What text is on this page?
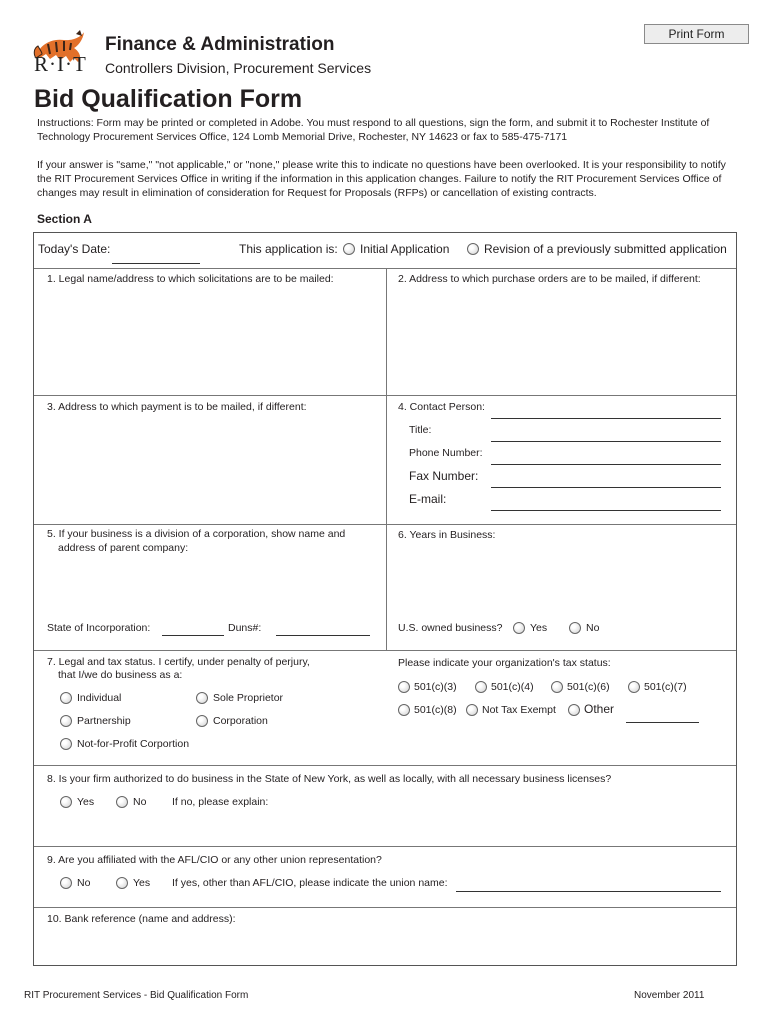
Print Form
R·I·T
Finance & Administration
Controllers Division, Procurement Services
Bid Qualification Form
Instructions: Form may be printed or completed in Adobe. You must respond to all questions, sign the form, and submit it to Rochester Institute of Technology Procurement Services Office, 124 Lomb Memorial Drive, Rochester, NY 14623 or fax to 585-475-7171
If your answer is "same," "not applicable," or "none," please write this to indicate no questions have been overlooked. It is your responsibility to notify the RIT Procurement Services Office in writing if the information in this application changes. Failure to notify the RIT Procurement Services Office of changes may result in elimination of consideration for Request for Proposals (RFPs) or cancellation of existing contracts.
Section A
Today's Date:	This application is: Initial Application	Revision of a previously submitted application
1. Legal name/address to which solicitations are to be mailed:	2. Address to which purchase orders are to be mailed, if different:
3. Address to which payment is to be mailed, if different:	4. Contact Person:
Title:
Phone Number:
Fax Number:
E-mail:
5. If your business is a division of a corporation, show name and
address of parent company:
6. Years in Business:
State of Incorporation:	Duns#:	U.S. owned business?	Yes	No
7. Legal and tax status. I certify, under penalty of perjury,
that I/we do business as a:
Individual	Sole Proprietor
Partnership	Corporation
Not-for-Profit Corportion
Please indicate your organization's tax status:
501(c)(3)	501(c)(4)	501(c)(6)	501(c)(7)
501(c)(8) Not Tax Exempt Other
8. Is your firm authorized to do business in the State of New York, as well as locally, with all necessary business licenses?
Yes	No If no, please explain:
9. Are you affiliated with the AFL/CIO or any other union representation?
No	Yes If yes, other than AFL/CIO, please indicate the union name:
10. Bank reference (name and address):
RIT Procurement Services - Bid Qualification Form	November 2011
